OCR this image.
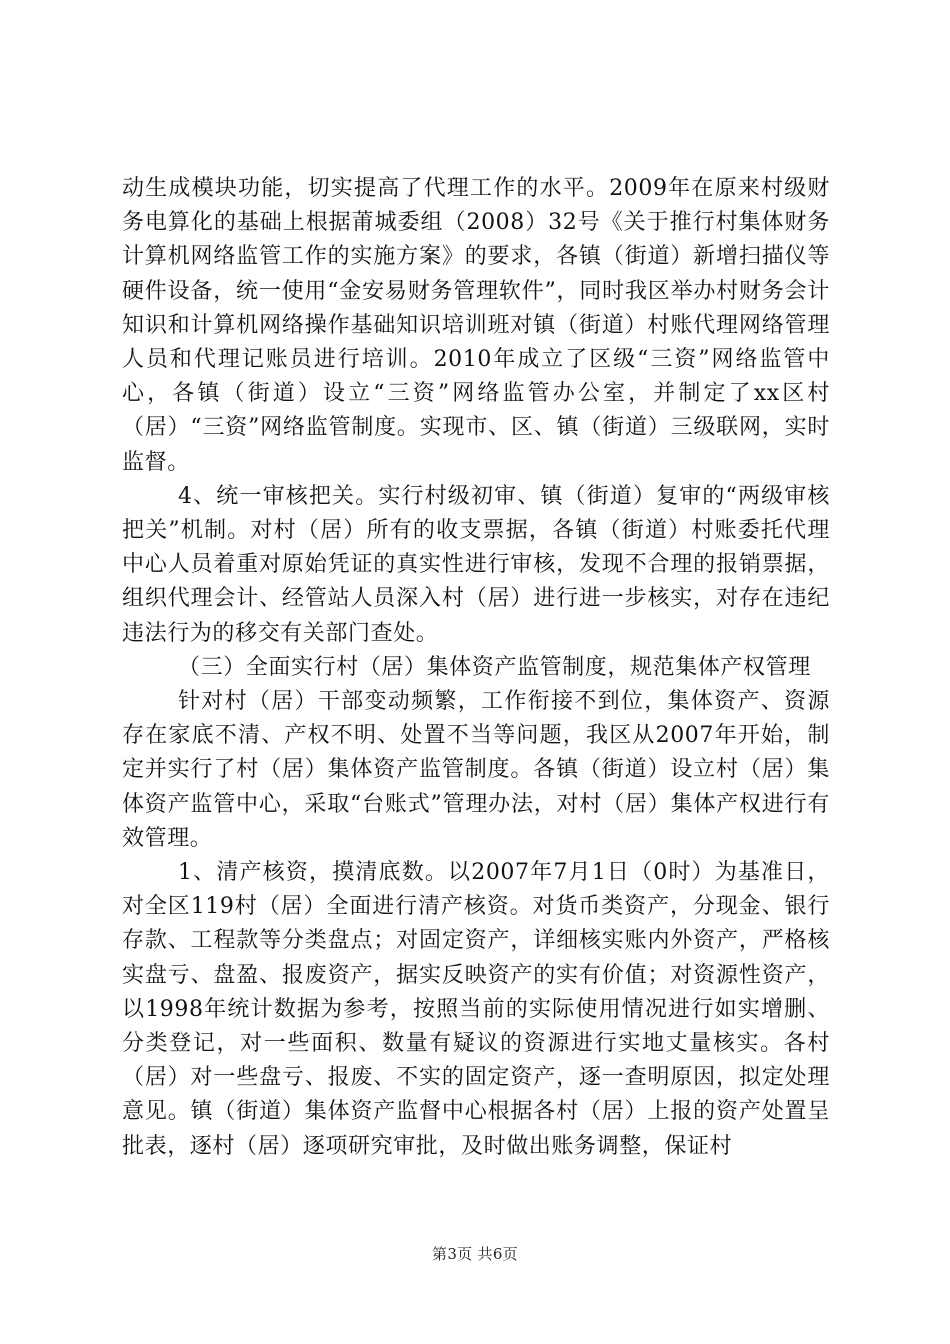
动生成模块功能，切实提高了代理工作的水平。2009年在原来村级财务电算化的基础上根据莆城委组（2008）32号《关于推行村集体财务计算机网络监管工作的实施方案》的要求，各镇（街道）新增扫描仪等硬件设备，统一使用“金安易财务管理软件”，同时我区举办村财务会计知识和计算机网络操作基础知识培训班对镇（街道）村账代理网络管理人员和代理记账员进行培训。2010年成立了区级“三资”网络监管中心，各镇（街道）设立“三资”网络监管办公室，并制定了xx区村（居）“三资”网络监管制度。实现市、区、镇（街道）三级联网，实时监督。

4、统一审核把关。实行村级初审、镇（街道）复审的“两级审核把关”机制。对村（居）所有的收支票据，各镇（街道）村账委托代理中心人员着重对原始凭证的真实性进行审核，发现不合理的报销票据，组织代理会计、经管站人员深入村（居）进行进一步核实，对存在违纪违法行为的移交有关部门查处。

（三）全面实行村（居）集体资产监管制度，规范集体产权管理

针对村（居）干部变动频繁，工作衔接不到位，集体资产、资源存在家底不清、产权不明、处置不当等问题，我区从2007年开始，制定并实行了村（居）集体资产监管制度。各镇（街道）设立村（居）集体资产监管中心，采取“台账式”管理办法，对村（居）集体产权进行有效管理。

1、清产核资，摸清底数。以2007年7月1日（0时）为基准日，对全区119村（居）全面进行清产核资。对货币类资产，分现金、银行存款、工程款等分类盘点；对固定资产，详细核实账内外资产，严格核实盘亏、盘盈、报废资产，据实反映资产的实有价值；对资源性资产，以1998年统计数据为参考，按照当前的实际使用情况进行如实增删、分类登记，对一些面积、数量有疑议的资源进行实地丈量核实。各村（居）对一些盘亏、报废、不实的固定资产，逐一查明原因，拟定处理意见。镇（街道）集体资产监督中心根据各村（居）上报的资产处置呈批表，逐村（居）逐项研究审批，及时做出账务调整，保证村

第3页 共6页
